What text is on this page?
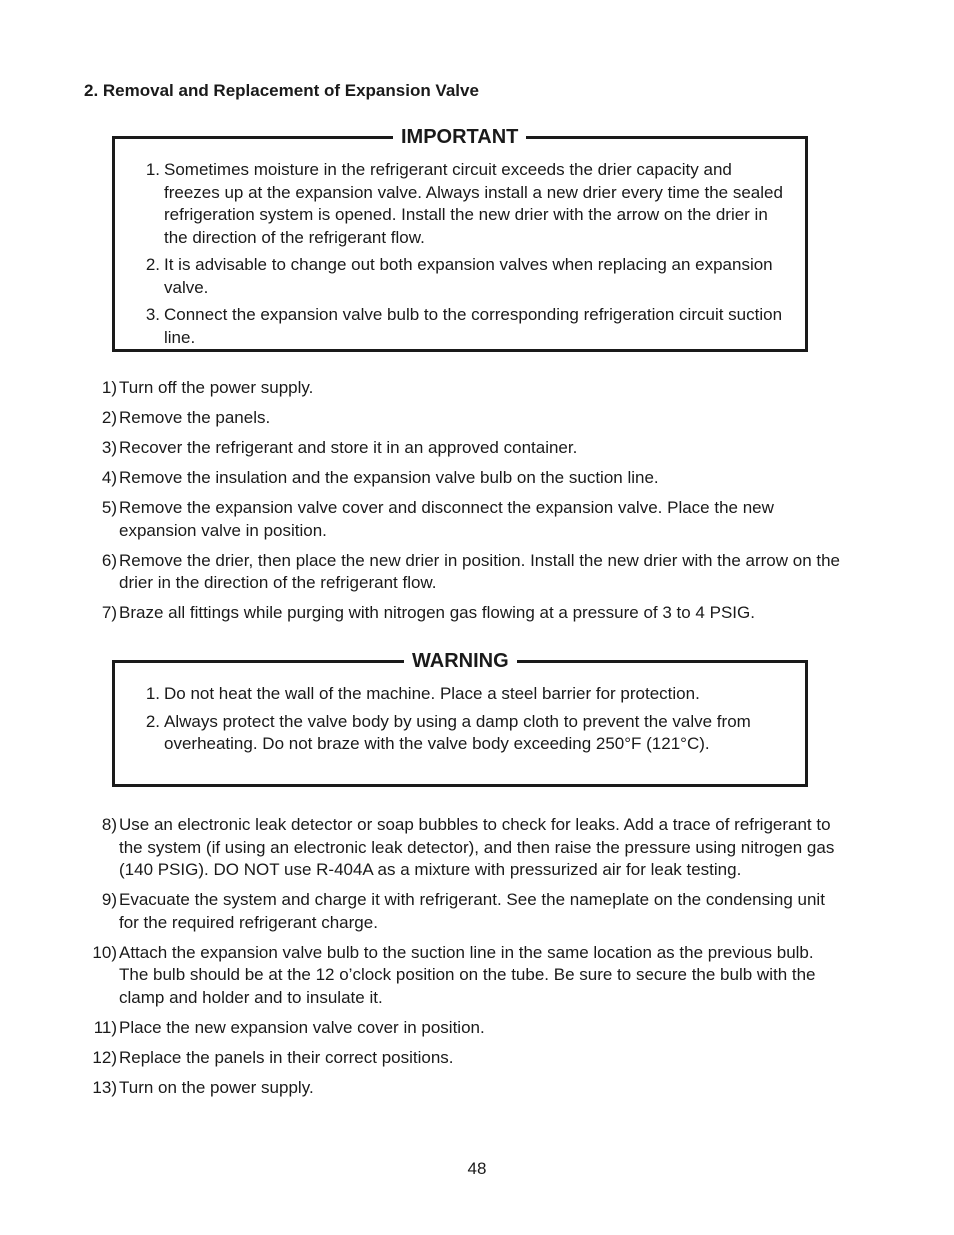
2. Removal and Replacement of Expansion Valve
IMPORTANT
1. Sometimes moisture in the refrigerant circuit exceeds the drier capacity and freezes up at the expansion valve. Always install a new drier every time the sealed refrigeration system is opened. Install the new drier with the arrow on the drier in the direction of the refrigerant flow.
2. It is advisable to change out both expansion valves when replacing an expansion valve.
3. Connect the expansion valve bulb to the corresponding refrigeration circuit suction line.
1) Turn off the power supply.
2) Remove the panels.
3) Recover the refrigerant and store it in an approved container.
4) Remove the insulation and the expansion valve bulb on the suction line.
5) Remove the expansion valve cover and disconnect the expansion valve. Place the new expansion valve in position.
6) Remove the drier, then place the new drier in position. Install the new drier with the arrow on the drier in the direction of the refrigerant flow.
7) Braze all fittings while purging with nitrogen gas flowing at a pressure of 3 to 4 PSIG.
WARNING
1. Do not heat the wall of the machine. Place a steel barrier for protection.
2. Always protect the valve body by using a damp cloth to prevent the valve from overheating. Do not braze with the valve body exceeding 250°F (121°C).
8) Use an electronic leak detector or soap bubbles to check for leaks. Add a trace of refrigerant to the system (if using an electronic leak detector), and then raise the pressure using nitrogen gas (140 PSIG). DO NOT use R-404A as a mixture with pressurized air for leak testing.
9) Evacuate the system and charge it with refrigerant. See the nameplate on the condensing unit for the required refrigerant charge.
10) Attach the expansion valve bulb to the suction line in the same location as the previous bulb. The bulb should be at the 12 o’clock position on the tube. Be sure to secure the bulb with the clamp and holder and to insulate it.
11) Place the new expansion valve cover in position.
12) Replace the panels in their correct positions.
13) Turn on the power supply.
48
